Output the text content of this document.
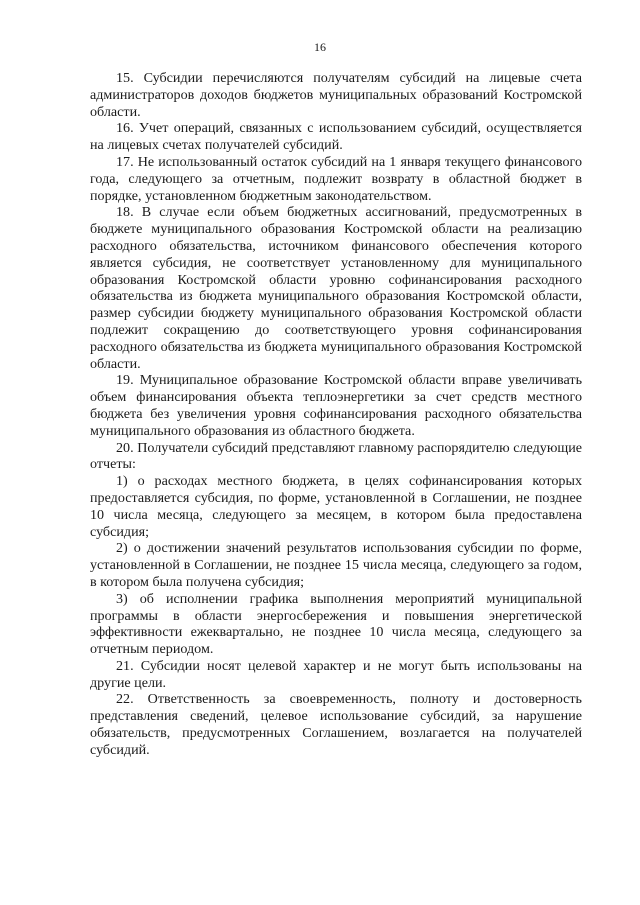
16

15. Субсидии перечисляются получателям субсидий на лицевые счета администраторов доходов бюджетов муниципальных образований Костромской области.

16. Учет операций, связанных с использованием субсидий, осуществляется на лицевых счетах получателей субсидий.

17. Не использованный остаток субсидий на 1 января текущего финансового года, следующего за отчетным, подлежит возврату в областной бюджет в порядке, установленном бюджетным законодательством.

18. В случае если объем бюджетных ассигнований, предусмотренных в бюджете муниципального образования Костромской области на реализацию расходного обязательства, источником финансового обеспечения которого является субсидия, не соответствует установленному для муниципального образования Костромской области уровню софинансирования расходного обязательства из бюджета муниципального образования Костромской области, размер субсидии бюджету муниципального образования Костромской области подлежит сокращению до соответствующего уровня софинансирования расходного обязательства из бюджета муниципального образования Костромской области.

19. Муниципальное образование Костромской области вправе увеличивать объем финансирования объекта теплоэнергетики за счет средств местного бюджета без увеличения уровня софинансирования расходного обязательства муниципального образования из областного бюджета.

20. Получатели субсидий представляют главному распорядителю следующие отчеты:

1) о расходах местного бюджета, в целях софинансирования которых предоставляется субсидия, по форме, установленной в Соглашении, не позднее 10 числа месяца, следующего за месяцем, в котором была предоставлена субсидия;

2) о достижении значений результатов использования субсидии по форме, установленной в Соглашении, не позднее 15 числа месяца, следующего за годом, в котором была получена субсидия;

3) об исполнении графика выполнения мероприятий муниципальной программы в области энергосбережения и повышения энергетической эффективности ежеквартально, не позднее 10 числа месяца, следующего за отчетным периодом.

21. Субсидии носят целевой характер и не могут быть использованы на другие цели.

22. Ответственность за своевременность, полноту и достоверность представления сведений, целевое использование субсидий, за нарушение обязательств, предусмотренных Соглашением, возлагается на получателей субсидий.
